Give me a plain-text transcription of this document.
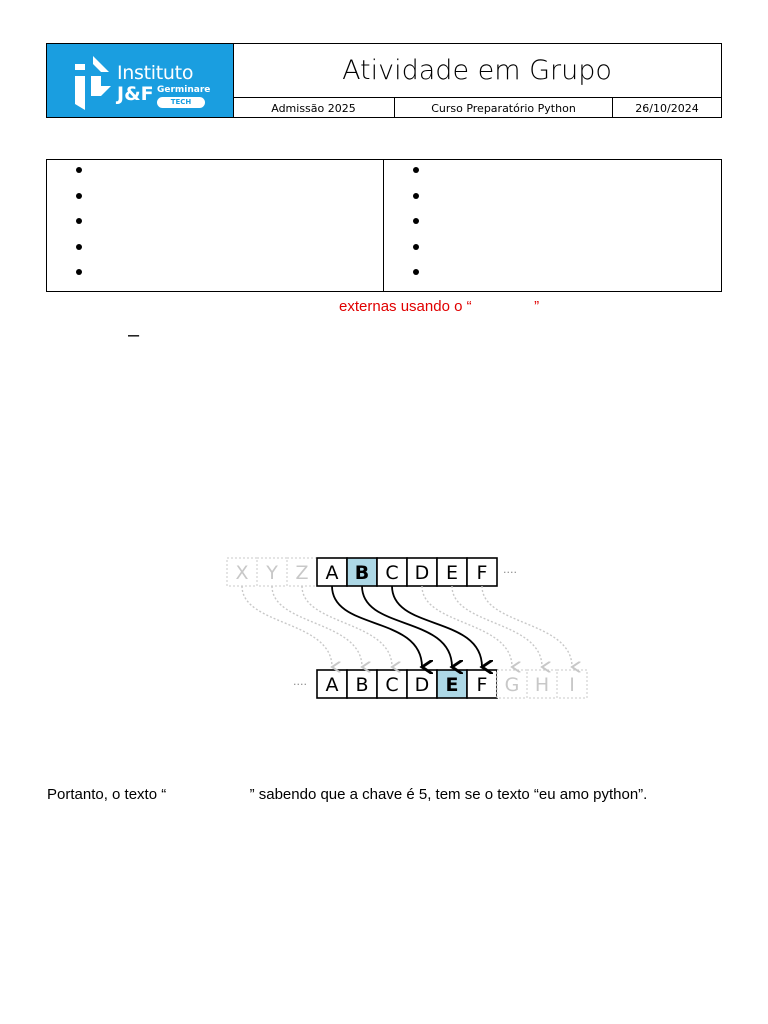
Instituto
J&F Germinare
TECH
Atividade em Grupo
Admissão 2025	Curso Preparatório Python	26/10/2024
externas usando o “               ”
–
X Y Z A B C D E F ····
···· A B C D E F G H I
Portanto, o texto “                    ” sabendo que a chave é 5, tem se o texto “eu amo python”.
